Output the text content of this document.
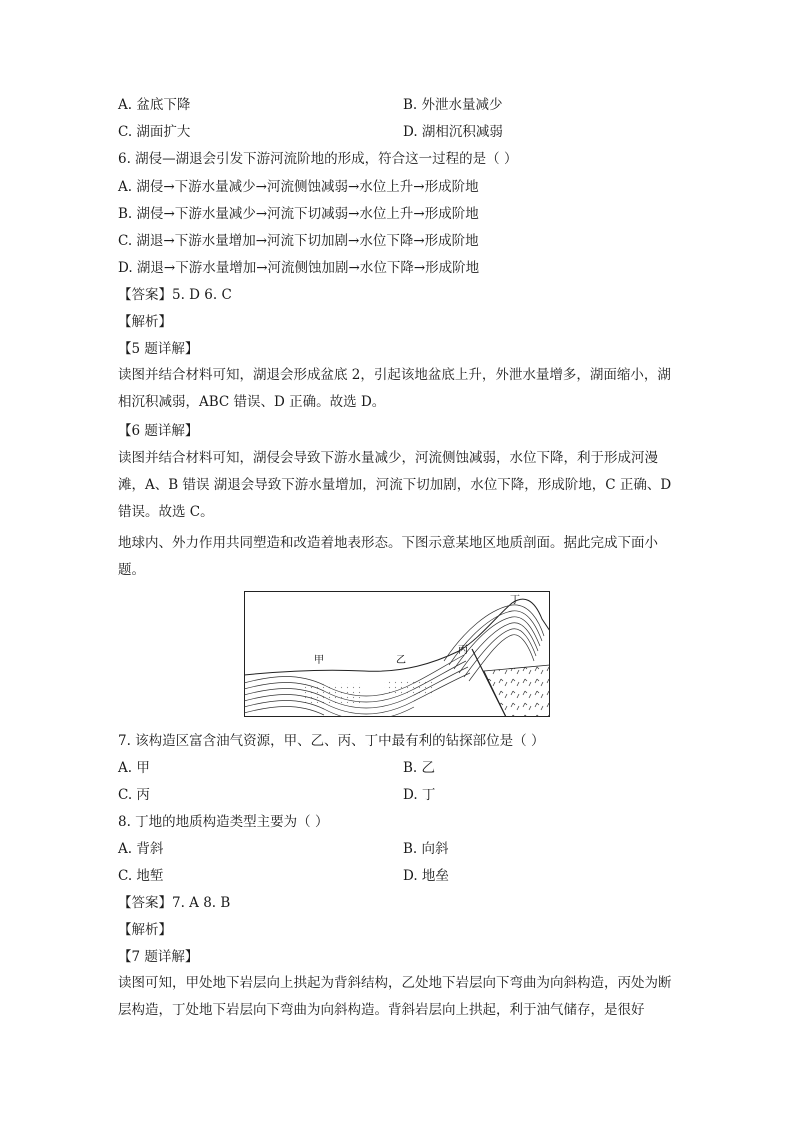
A. 盆底下降	B. 外泄水量减少
C. 湖面扩大	D. 湖相沉积减弱
6. 湖侵—湖退会引发下游河流阶地的形成，符合这一过程的是（ ）
A. 湖侵→下游水量减少→河流侧蚀减弱→水位上升→形成阶地
B. 湖侵→下游水量减少→河流下切减弱→水位上升→形成阶地
C. 湖退→下游水量增加→河流下切加剧→水位下降→形成阶地
D. 湖退→下游水量增加→河流侧蚀加剧→水位下降→形成阶地
【答案】5. D 6. C
【解析】
【5 题详解】
读图并结合材料可知，湖退会形成盆底 2，引起该地盆底上升，外泄水量增多，湖面缩小，湖相沉积减弱，ABC 错误、D 正确。故选 D。
【6 题详解】
读图并结合材料可知，湖侵会导致下游水量减少，河流侧蚀减弱，水位下降，利于形成河漫滩，A、B 错误 湖退会导致下游水量增加，河流下切加剧，水位下降，形成阶地，C 正确、D 错误。故选 C。
地球内、外力作用共同塑造和改造着地表形态。下图示意某地区地质剖面。据此完成下面小题。
甲	乙
丙
丁
7. 该构造区富含油气资源，甲、乙、丙、丁中最有利的钻探部位是（ ）
A. 甲	B. 乙
C. 丙	D. 丁
8. 丁地的地质构造类型主要为（ ）
A. 背斜	B. 向斜
C. 地堑	D. 地垒
【答案】7. A 8. B
【解析】
【7 题详解】
读图可知，甲处地下岩层向上拱起为背斜结构，乙处地下岩层向下弯曲为向斜构造，丙处为断层构造，丁处地下岩层向下弯曲为向斜构造。背斜岩层向上拱起，利于油气储存，是很好
